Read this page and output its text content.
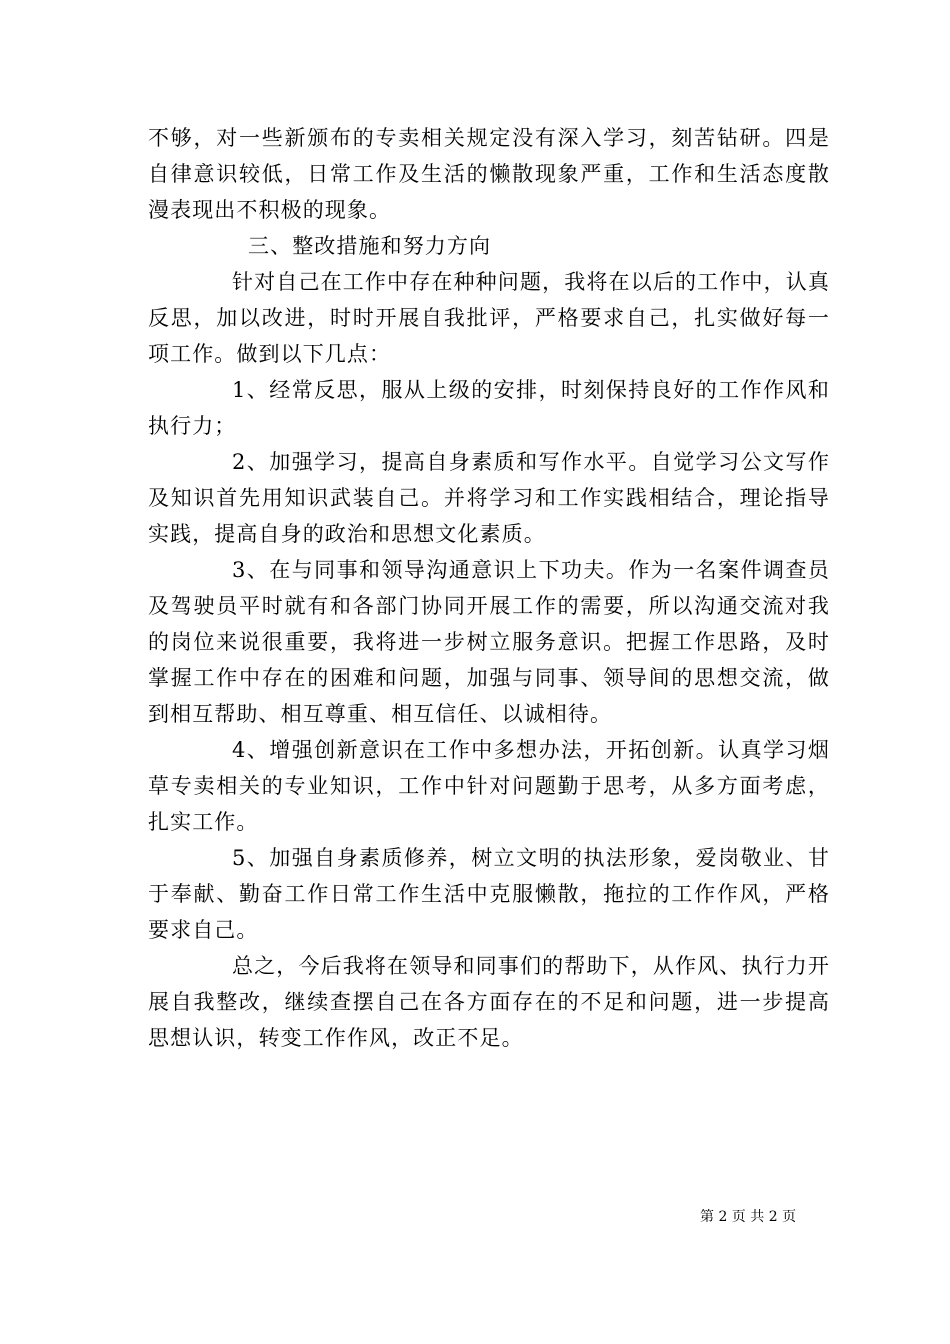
不够，对一些新颁布的专卖相关规定没有深入学习，刻苦钻研。四是自律意识较低，日常工作及生活的懒散现象严重，工作和生活态度散漫表现出不积极的现象。

三、整改措施和努力方向

针对自己在工作中存在种种问题，我将在以后的工作中，认真反思，加以改进，时时开展自我批评，严格要求自己，扎实做好每一项工作。做到以下几点：

1、经常反思，服从上级的安排，时刻保持良好的工作作风和执行力；

2、加强学习，提高自身素质和写作水平。自觉学习公文写作及知识首先用知识武装自己。并将学习和工作实践相结合，理论指导实践，提高自身的政治和思想文化素质。

3、在与同事和领导沟通意识上下功夫。作为一名案件调查员及驾驶员平时就有和各部门协同开展工作的需要，所以沟通交流对我的岗位来说很重要，我将进一步树立服务意识。把握工作思路，及时掌握工作中存在的困难和问题，加强与同事、领导间的思想交流，做到相互帮助、相互尊重、相互信任、以诚相待。

4、增强创新意识在工作中多想办法，开拓创新。认真学习烟草专卖相关的专业知识，工作中针对问题勤于思考，从多方面考虑，扎实工作。

5、加强自身素质修养，树立文明的执法形象，爱岗敬业、甘于奉献、勤奋工作日常工作生活中克服懒散，拖拉的工作作风，严格要求自己。

总之，今后我将在领导和同事们的帮助下，从作风、执行力开展自我整改，继续查摆自己在各方面存在的不足和问题，进一步提高思想认识，转变工作作风，改正不足。

第 2 页 共 2 页
